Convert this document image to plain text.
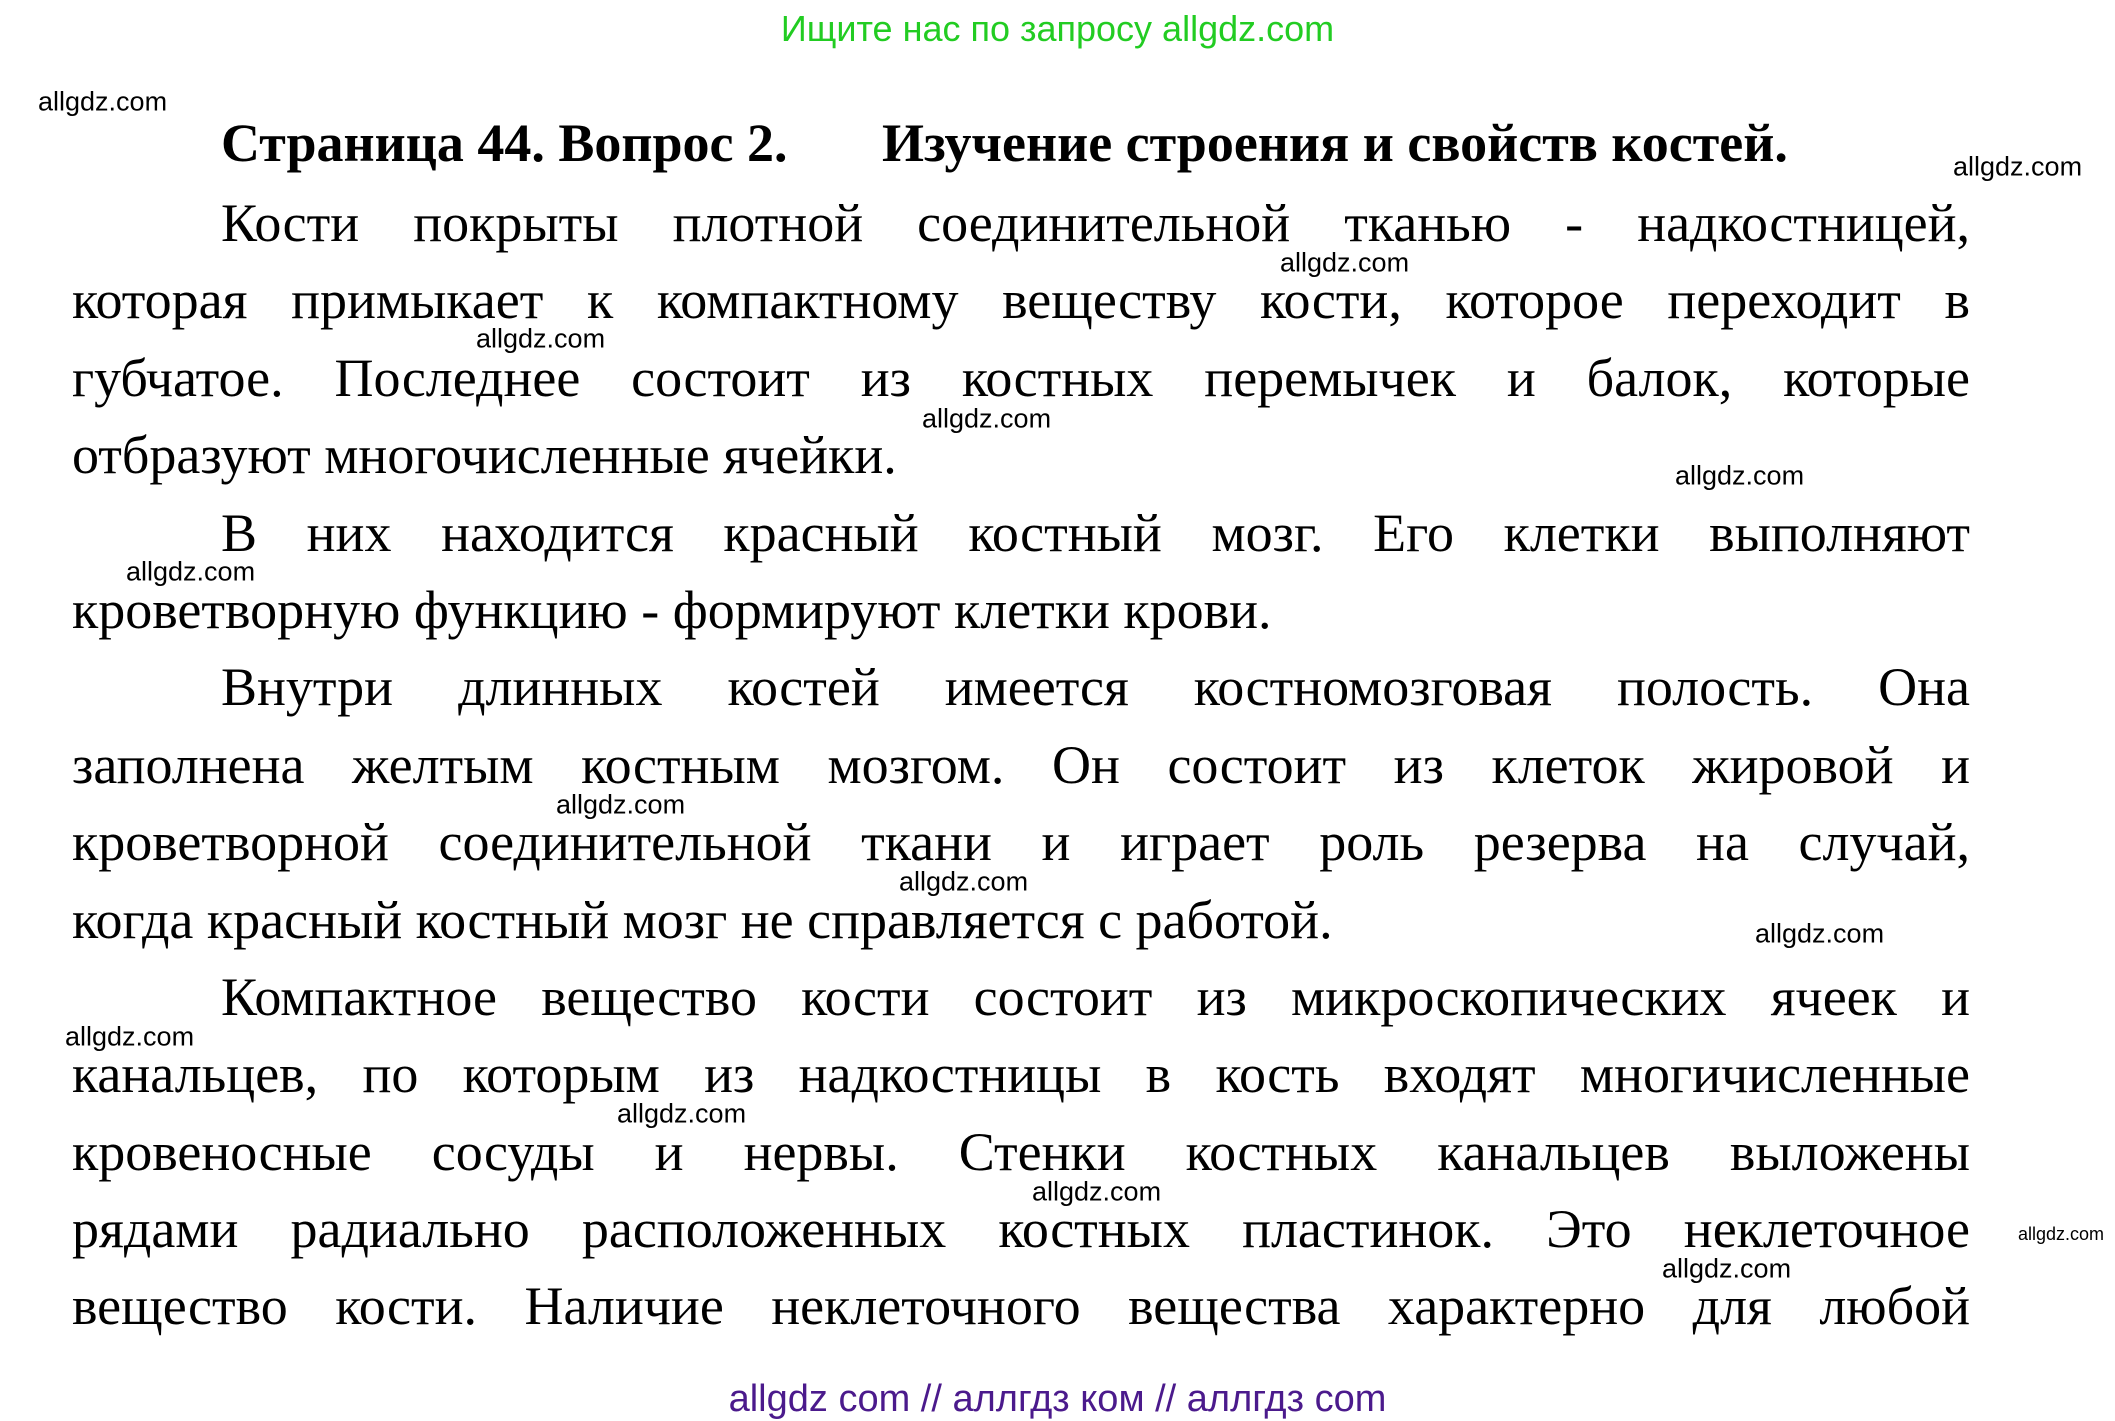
Ищите нас по запросу allgdz.com
Страница 44. Вопрос 2.       Изучение строения и свойств костей.
Кости покрыты плотной соединительной тканью - надкостницей,
которая примыкает к компактному веществу кости, которое переходит в
губчатое. Последнее состоит из костных перемычек и балок, которые
отбразуют многочисленные ячейки.
В них находится красный костный мозг. Его клетки выполняют
кроветворную функцию - формируют клетки крови.
Внутри длинных костей имеется костномозговая полость. Она
заполнена желтым костным мозгом. Он состоит из клеток жировой и
кроветворной соединительной ткани и играет роль резерва на случай,
когда красный костный мозг не справляется с работой.
Компактное вещество кости состоит из микроскопических ячеек и
канальцев, по которым из надкостницы в кость входят многичисленные
кровеносные сосуды и нервы. Стенки костных канальцев выложены
рядами радиально расположенных костных пластинок. Это неклеточное
вещество кости. Наличие неклеточного вещества характерно для любой
allgdz.com
allgdz.com
allgdz.com
allgdz.com
allgdz.com
allgdz.com
allgdz.com
allgdz.com
allgdz.com
allgdz.com
allgdz.com
allgdz.com
allgdz.com
allgdz.com
allgdz.com
allgdz com // аллгдз ком // аллгдз com
